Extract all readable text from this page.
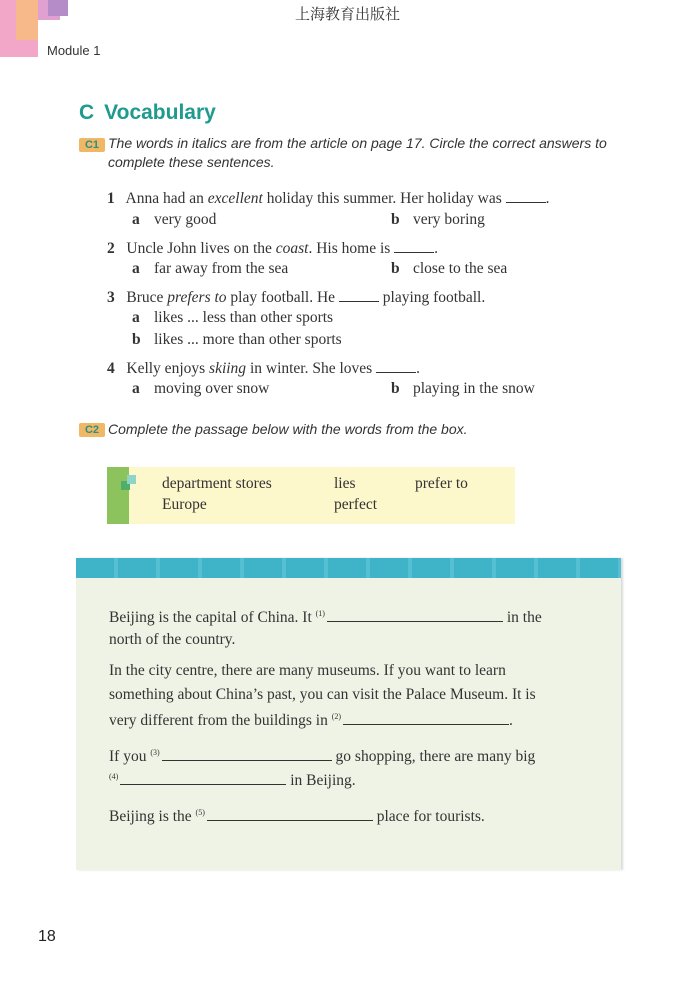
上海教育出版社
Module 1
C Vocabulary
C1 The words in italics are from the article on page 17. Circle the correct answers to
complete these sentences.
1 Anna had an excellent holiday this summer. Her holiday was	.
a very good	b very boring
2 Uncle John lives on the coast. His home is	.
a far away from the sea	b close to the sea
3 Bruce prefers to play football. He	playing football.
a likes ... less than other sports
b likes ... more than other sports
4 Kelly enjoys skiing in winter. She loves	.
a moving over snow	b playing in the snow
C2 Complete the passage below with the words from the box.
department stores	lies	prefer to
Europe	perfect
Beijing is the capital of China. It $^{(1)}$	in the
north of the country.
In the city centre, there are many museums. If you want to learn
something about China’s past, you can visit the Palace Museum. It is
very different from the buildings in $^{(2)}$	.
If you $^{(3)}$	go shopping, there are many big
$^{(4)}$	in Beijing.
Beijing is the $^{(5)}$	place for tourists.
18
